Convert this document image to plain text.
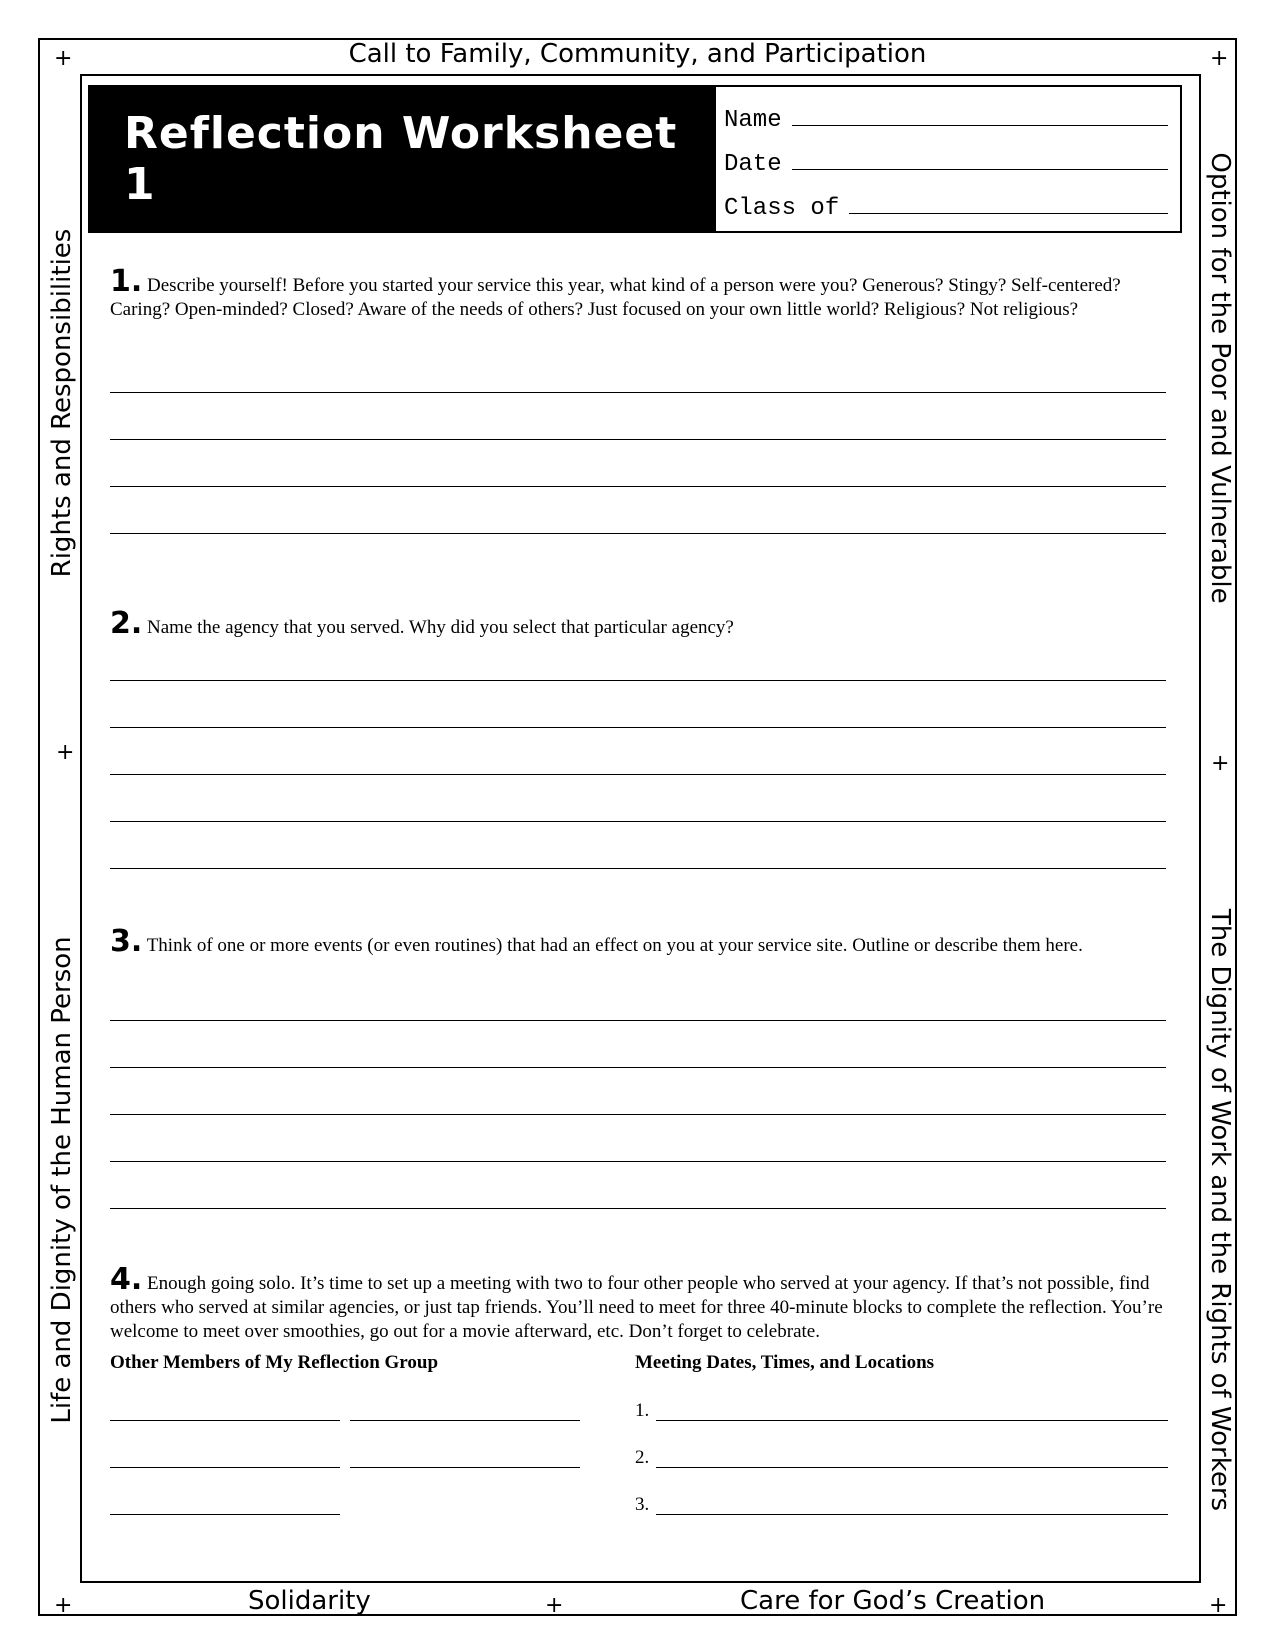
+	+
+	+
+	+	+
Call to Family, Community, and Participation
Solidarity	Care for God’s Creation
Rights and Responsibilities
Life and Dignity of the Human Person
Option for the Poor and Vulnerable
The Dignity of Work and the Rights of Workers
Reflection Worksheet 1
Name
Date
Class of
1. Describe yourself! Before you started your service this year, what kind of a person were you? Generous? Stingy? Self-centered? Caring? Open-minded? Closed? Aware of the needs of others? Just focused on your own little world? Religious? Not religious?
2. Name the agency that you served. Why did you select that particular agency?
3. Think of one or more events (or even routines) that had an effect on you at your service site. Outline or describe them here.
4. Enough going solo. It’s time to set up a meeting with two to four other people who served at your agency. If that’s not possible, find others who served at similar agencies, or just tap friends. You’ll need to meet for three 40-minute blocks to complete the reflection. You’re welcome to meet over smoothies, go out for a movie afterward, etc. Don’t forget to celebrate.
Other Members of My Reflection Group	Meeting Dates, Times, and Locations
1.
2.
3.
